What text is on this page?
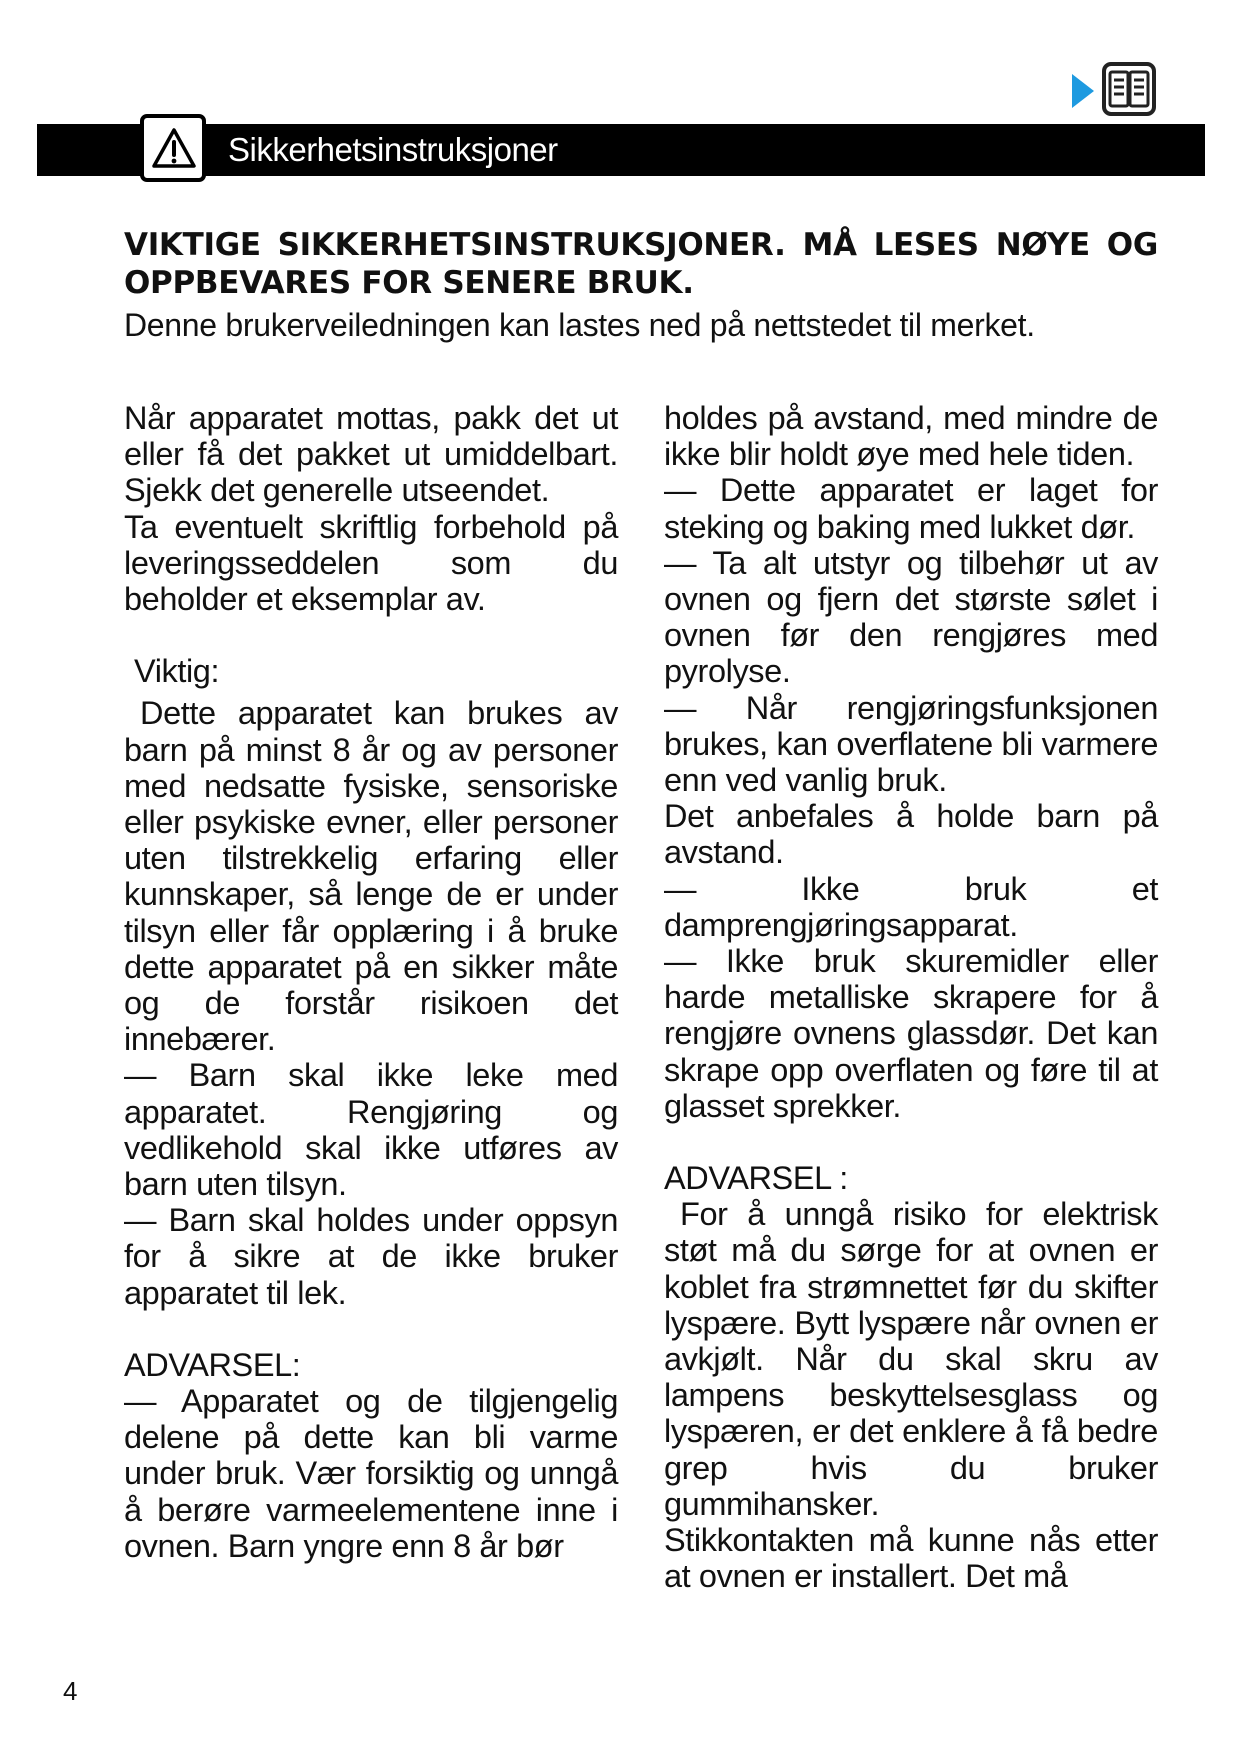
Sikkerhetsinstruksjoner
VIKTIGE SIKKERHETSINSTRUKSJONER. MÅ LESES NØYE OG OPPBEVARES FOR SENERE BRUK.
Denne brukerveiledningen kan lastes ned på nettstedet til merket.

Når apparatet mottas, pakk det ut eller få det pakket ut umiddelbart. Sjekk det generelle utseendet.

Ta eventuelt skriftlig forbehold på leveringsseddelen som du beholder et eksemplar av.

Viktig:

Dette apparatet kan brukes av barn på minst 8 år og av personer med nedsatte fysiske, sensoriske eller psykiske evner, eller personer uten tilstrekkelig erfaring eller kunnskaper, så lenge de er under tilsyn eller får opplæring i å bruke dette apparatet på en sikker måte og de forstår risikoen det innebærer.

— Barn skal ikke leke med apparatet. Rengjøring og vedlikehold skal ikke utføres av barn uten tilsyn.

— Barn skal holdes under oppsyn for å sikre at de ikke bruker apparatet til lek.

ADVARSEL:

— Apparatet og de tilgjengelig delene på dette kan bli varme under bruk. Vær forsiktig og unngå å berøre varmeelementene inne i ovnen. Barn yngre enn 8 år bør

holdes på avstand, med mindre de ikke blir holdt øye med hele tiden.

— Dette apparatet er laget for steking og baking med lukket dør.

— Ta alt utstyr og tilbehør ut av ovnen og fjern det største sølet i ovnen før den rengjøres med pyrolyse.

— Når rengjøringsfunksjonen brukes, kan overflatene bli varmere enn ved vanlig bruk.

Det anbefales å holde barn på avstand.

— Ikke bruk et damprengjøringsapparat.

— Ikke bruk skuremidler eller harde metalliske skrapere for å rengjøre ovnens glassdør. Det kan skrape opp overflaten og føre til at glasset sprekker.

ADVARSEL :

For å unngå risiko for elektrisk støt må du sørge for at ovnen er koblet fra strømnettet før du skifter lyspære. Bytt lyspære når ovnen er avkjølt. Når du skal skru av lampens beskyttelsesglass og lyspæren, er det enklere å få bedre grep hvis du bruker gummihansker.

Stikkontakten må kunne nås etter at ovnen er installert. Det må

4
